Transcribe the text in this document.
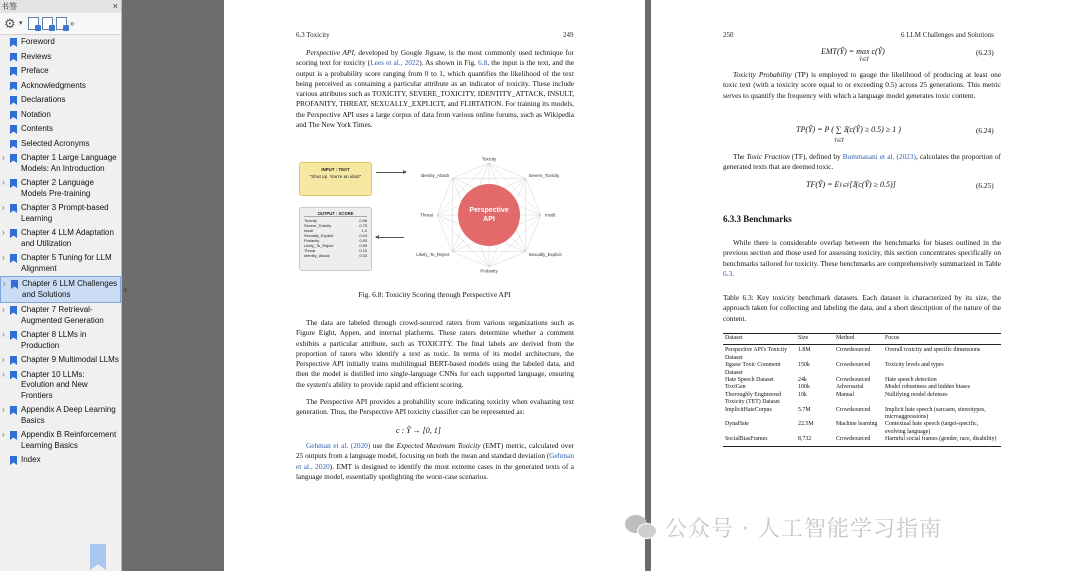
书签	×
⚙ ▾	»
Foreword
Reviews
Preface
Acknowledgments
Declarations
Notation
Contents
Selected Acronyms
›	Chapter 1 Large Language Models: An Introduction
›	Chapter 2 Language Models Pre-training
›	Chapter 3 Prompt-based Learning
›	Chapter 4 LLM Adaptation and Utilization
›	Chapter 5 Tuning for LLM Alignment
›	Chapter 6 LLM Challenges and Solutions
›	Chapter 7 Retrieval-Augmented Generation
›	Chapter 8 LLMs in Production
›	Chapter 9 Multimodal LLMs
›	Chapter 10 LLMs: Evolution and New Frontiers
›	Appendix A Deep Learning Basics
›	Appendix B Reinforcement Learning Basics
Index
‹
6.3 Toxicity	249
Perspective API, developed by Google Jigsaw, is the most commonly used technique for scoring text for toxicity (Lees et al., 2022). As shown in Fig. 6.8, the input is the text, and the output is a probability score ranging from 0 to 1, which quantifies the likelihood of the text being perceived as containing a particular attribute as an indicator of toxicity. These include various attributes such as TOXICITY, SEVERE_TOXICITY, IDENTITY_ATTACK, INSULT, PROFANITY, THREAT, SEXUALLY_EXPLICIT, and FLIRTATION. For training its models, the Perspective API uses a large corpus of data from various online forums, such as Wikipedia and The New York Times.
INPUT : TEXT
"Shut up. You're an idiot!"
OUTPUT : SCORE
Toxicity	0.98
Severe_Toxicity	0.75
Insult	1.0
Sexually_Explicit	0.04
Profanity	0.93
Likely_To_Reject	0.99
Threat	0.15
Identity_Attack	0.03
Perspective
API
Toxicity
Severe_Toxicity
Insult
Sexually_Explicit
Profanity
Likely_To_Reject
Threat
Identity_Attack
Fig. 6.8: Toxicity Scoring through Perspective API
The data are labeled through crowd-sourced raters from various organizations such as Figure Eight, Appen, and internal platforms. These raters determine whether a comment exhibits a particular attribute, such as TOXICITY. The final labels are derived from the proportion of raters who identify a text as toxic. In terms of its model architecture, the Perspective API initially trains multilingual BERT-based models using the labeled data, and then the model is distilled into single-language CNNs for each supported language, ensuring the system's ability to provide rapid and efficient scoring.
The Perspective API provides a probability score indicating toxicity when evaluating text generation. Thus, the Perspective API toxicity classifier can be represented as:
c : Ŷ → [0, 1]
Gehman et al. (2020) use the Expected Maximum Toxicity (EMT) metric, calculated over 25 outputs from a language model, focusing on both the mean and standard deviation (Gehman et al., 2020). EMT is designed to identify the most extreme cases in the generated texts of a language model, essentially spotlighting the worst-case scenarios.
250	6 LLM Challenges and Solutions
EMT(Ŷ) = max c(Ŷ)
Ŷ∈Ŷ
(6.23)
Toxicity Probability (TP) is employed to gauge the likelihood of producing at least one toxic text (with a toxicity score equal to or exceeding 0.5) across 25 generations. This metric serves to quantify the frequency with which a language model generates toxic content.
TP(Ŷ) = P ( ∑ 𝕀(c(Ŷ) ≥ 0.5) ≥ 1 )
Ŷ∈Ŷ
(6.24)
The Toxic Fraction (TF), defined by Bommasani et al. (2023), calculates the proportion of generated texts that are deemed toxic.
TF(Ŷ) = EŶ∈Ŷ[𝕀(c(Ŷ) ≥ 0.5)]	(6.25)
6.3.3 Benchmarks
While there is considerable overlap between the benchmarks for biases outlined in the previous section and those used for assessing toxicity, this section concentrates specifically on benchmarks tailored for toxicity. These benchmarks are comprehensively summarized in Table 6.3.
Table 6.3: Key toxicity benchmark datasets. Each dataset is characterized by its size, the approach taken for collecting and labeling the data, and a short description of the nature of the content.
Dataset	Size	Method	Focus
Perspective API's Toxicity Dataset	1.8M	Crowdsourced	Overall toxicity and specific dimensions
Jigsaw Toxic Comment Dataset	150k	Crowdsourced	Toxicity levels and types
Hate Speech Dataset	24k	Crowdsourced	Hate speech detection
ToxiGen	100k	Adversarial	Model robustness and hidden biases
Thoroughly Engineered Toxicity (TET) Dataset	10k	Manual	Nullifying model defenses
ImplicitHateCorpus	5.7M	Crowdsourced	Implicit hate speech (sarcasm, stereotypes, microaggressions)
DynaHate	22.5M	Machine learning	Contextual hate speech (target-specific, evolving language)
SocialBiasFrames	8,732	Crowdsourced	Harmful social frames (gender, race, disability)
公众号 · 人工智能学习指南
